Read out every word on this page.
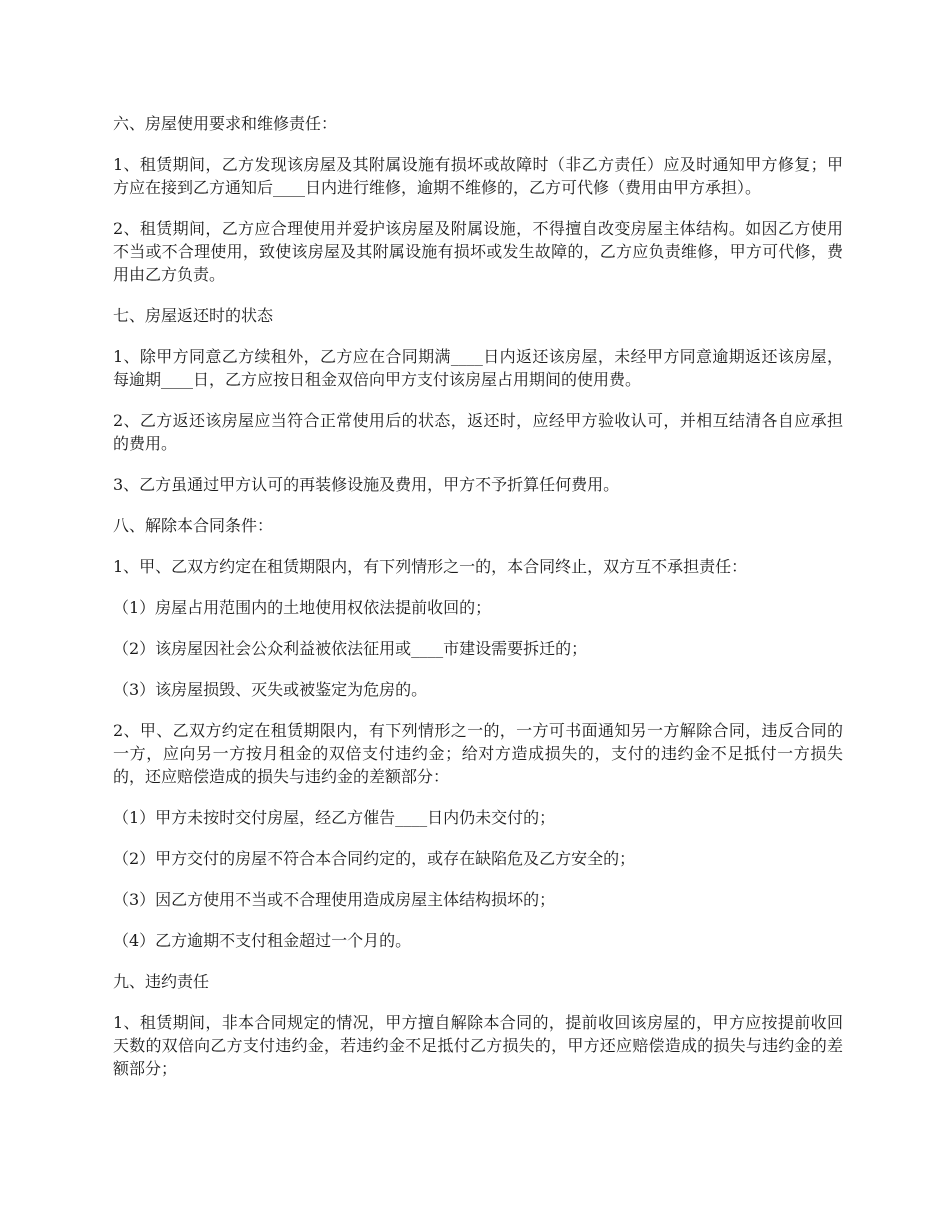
六、房屋使用要求和维修责任：

1、租赁期间，乙方发现该房屋及其附属设施有损坏或故障时（非乙方责任）应及时通知甲方修复；甲方应在接到乙方通知后____日内进行维修，逾期不维修的，乙方可代修（费用由甲方承担）。

2、租赁期间，乙方应合理使用并爱护该房屋及附属设施，不得擅自改变房屋主体结构。如因乙方使用不当或不合理使用，致使该房屋及其附属设施有损坏或发生故障的，乙方应负责维修，甲方可代修，费用由乙方负责。

七、房屋返还时的状态

1、除甲方同意乙方续租外，乙方应在合同期满____日内返还该房屋，未经甲方同意逾期返还该房屋，每逾期____日，乙方应按日租金双倍向甲方支付该房屋占用期间的使用费。

2、乙方返还该房屋应当符合正常使用后的状态，返还时，应经甲方验收认可，并相互结清各自应承担的费用。

3、乙方虽通过甲方认可的再装修设施及费用，甲方不予折算任何费用。

八、解除本合同条件：

1、甲、乙双方约定在租赁期限内，有下列情形之一的，本合同终止，双方互不承担责任：

（1）房屋占用范围内的土地使用权依法提前收回的；

（2）该房屋因社会公众利益被依法征用或____市建设需要拆迁的；

（3）该房屋损毁、灭失或被鉴定为危房的。

2、甲、乙双方约定在租赁期限内，有下列情形之一的，一方可书面通知另一方解除合同，违反合同的一方，应向另一方按月租金的双倍支付违约金；给对方造成损失的，支付的违约金不足抵付一方损失的，还应赔偿造成的损失与违约金的差额部分：

（1）甲方未按时交付房屋，经乙方催告____日内仍未交付的；

（2）甲方交付的房屋不符合本合同约定的，或存在缺陷危及乙方安全的；

（3）因乙方使用不当或不合理使用造成房屋主体结构损坏的；

（4）乙方逾期不支付租金超过一个月的。

九、违约责任

1、租赁期间，非本合同规定的情况，甲方擅自解除本合同的，提前收回该房屋的，甲方应按提前收回天数的双倍向乙方支付违约金，若违约金不足抵付乙方损失的，甲方还应赔偿造成的损失与违约金的差额部分；
